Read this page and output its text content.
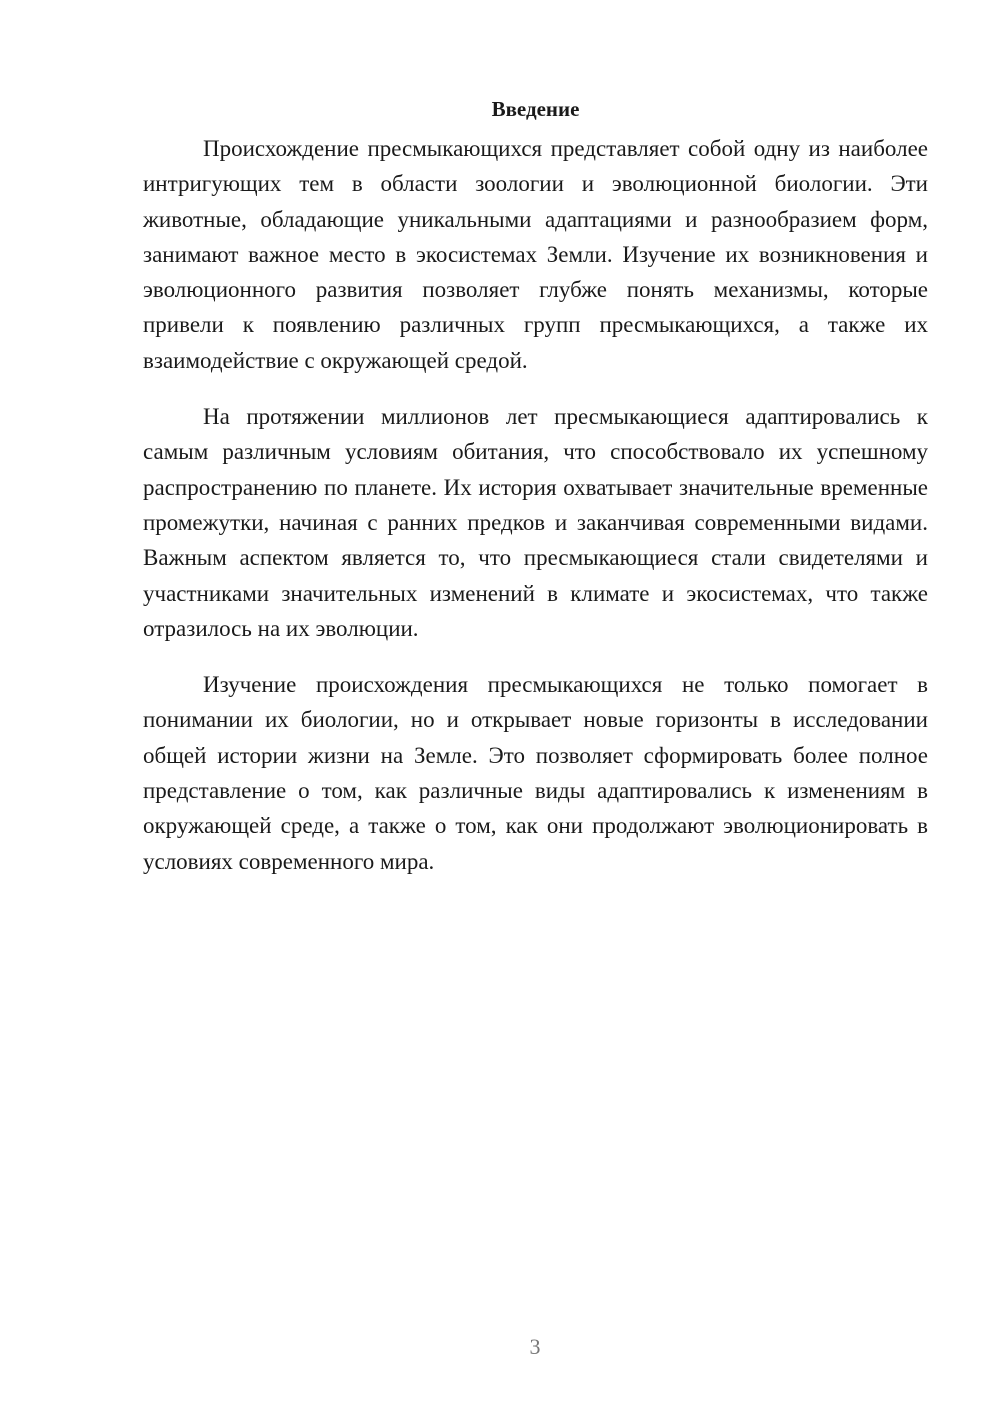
Введение

Происхождение пресмыкающихся представляет собой одну из наиболее интригующих тем в области зоологии и эволюционной биологии. Эти животные, обладающие уникальными адаптациями и разнообразием форм, занимают важное место в экосистемах Земли. Изучение их возникновения и эволюционного развития позволяет глубже понять механизмы, которые привели к появлению различных групп пресмыкающихся, а также их взаимодействие с окружающей средой.

На протяжении миллионов лет пресмыкающиеся адаптировались к самым различным условиям обитания, что способствовало их успешному распространению по планете. Их история охватывает значительные временные промежутки, начиная с ранних предков и заканчивая современными видами. Важным аспектом является то, что пресмыкающиеся стали свидетелями и участниками значительных изменений в климате и экосистемах, что также отразилось на их эволюции.

Изучение происхождения пресмыкающихся не только помогает в понимании их биологии, но и открывает новые горизонты в исследовании общей истории жизни на Земле. Это позволяет сформировать более полное представление о том, как различные виды адаптировались к изменениям в окружающей среде, а также о том, как они продолжают эволюционировать в условиях современного мира.

3
